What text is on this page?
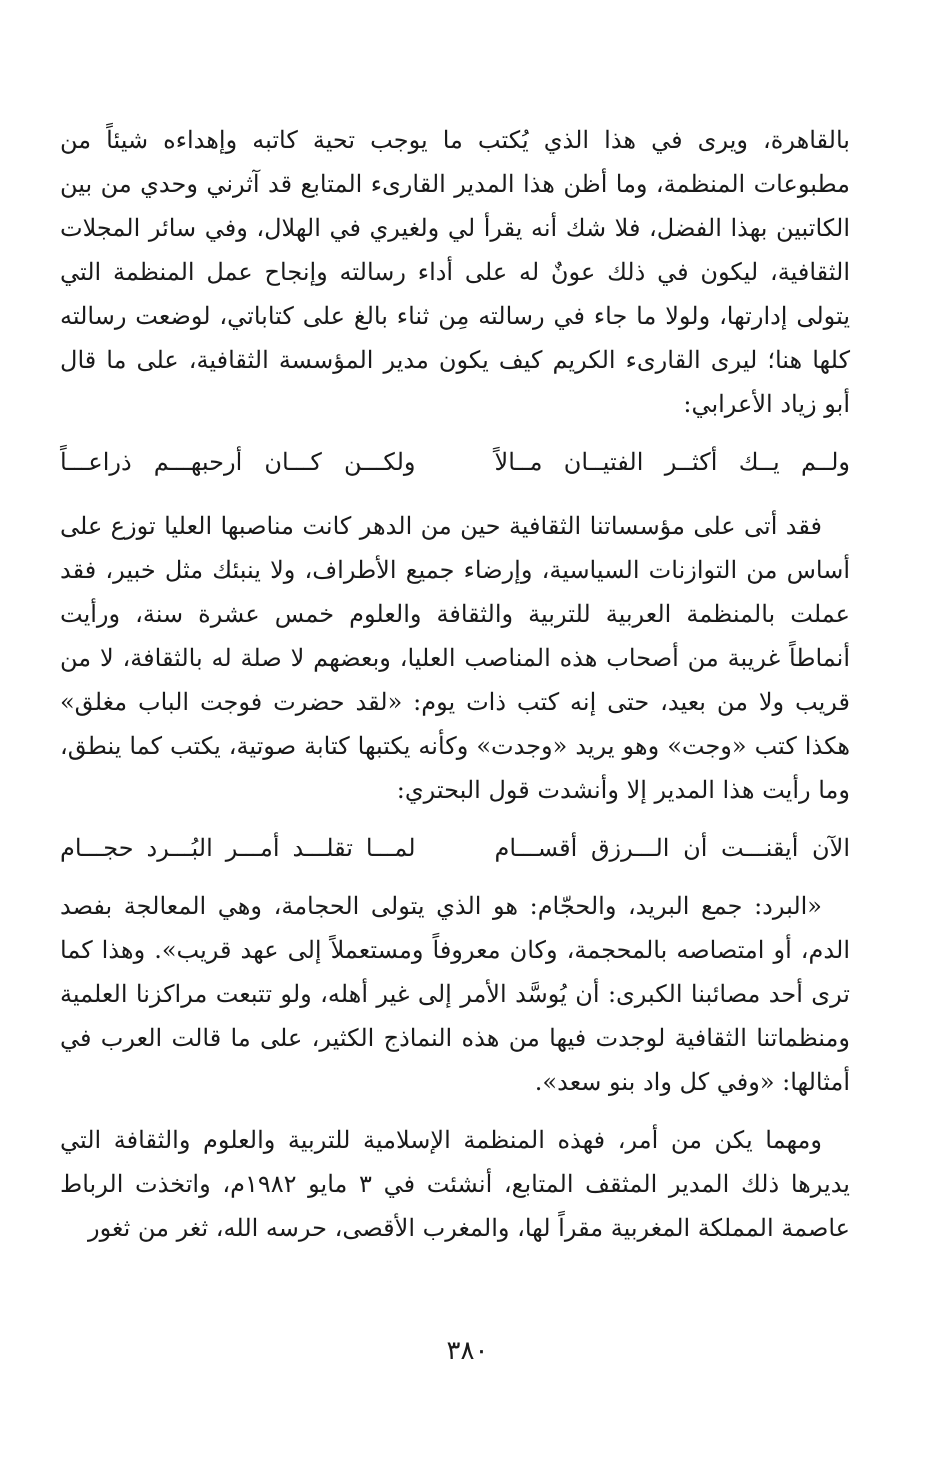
بالقاهرة، ويرى في هذا الذي يُكتب ما يوجب تحية كاتبه وإهداءه شيئاً من مطبوعات المنظمة، وما أظن هذا المدير القارىء المتابع قد آثرني وحدي من بين الكاتبين بهذا الفضل، فلا شك أنه يقرأ لي ولغيري في الهلال، وفي سائر المجلات الثقافية، ليكون في ذلك عونٌ له على أداء رسالته وإنجاح عمل المنظمة التي يتولى إدارتها، ولولا ما جاء في رسالته مِن ثناء بالغ على كتاباتي، لوضعت رسالته كلها هنا؛ ليرى القارىء الكريم كيف يكون مدير المؤسسة الثقافية، على ما قال أبو زياد الأعرابي:

ولــم يــك أكثــر الفتيــان مــالاً
ولكـــن كـــان أرحبهـــم ذراعـــاً

فقد أتى على مؤسساتنا الثقافية حين من الدهر كانت مناصبها العليا توزع على أساس من التوازنات السياسية، وإرضاء جميع الأطراف، ولا ينبئك مثل خبير، فقد عملت بالمنظمة العربية للتربية والثقافة والعلوم خمس عشرة سنة، ورأيت أنماطاً غريبة من أصحاب هذه المناصب العليا، وبعضهم لا صلة له بالثقافة، لا من قريب ولا من بعيد، حتى إنه كتب ذات يوم: «لقد حضرت فوجت الباب مغلق» هكذا كتب «وجت» وهو يريد «وجدت» وكأنه يكتبها كتابة صوتية، يكتب كما ينطق، وما رأيت هذا المدير إلا وأنشدت قول البحتري:

الآن أيقنـــت أن الـــرزق أقســـام
لمـــا تقلـــد أمـــر البُـــرد حجـــام

«البرد: جمع البريد، والحجّام: هو الذي يتولى الحجامة، وهي المعالجة بفصد الدم، أو امتصاصه بالمحجمة، وكان معروفاً ومستعملاً إلى عهد قريب». وهذا كما ترى أحد مصائبنا الكبرى: أن يُوسَّد الأمر إلى غير أهله، ولو تتبعت مراكزنا العلمية ومنظماتنا الثقافية لوجدت فيها من هذه النماذج الكثير، على ما قالت العرب في أمثالها: «وفي كل واد بنو سعد».

ومهما يكن من أمر، فهذه المنظمة الإسلامية للتربية والعلوم والثقافة التي يديرها ذلك المدير المثقف المتابع، أنشئت في ٣ مايو ١٩٨٢م، واتخذت الرباط عاصمة المملكة المغربية مقراً لها، والمغرب الأقصى، حرسه الله، ثغر من ثغور

٣٨٠
